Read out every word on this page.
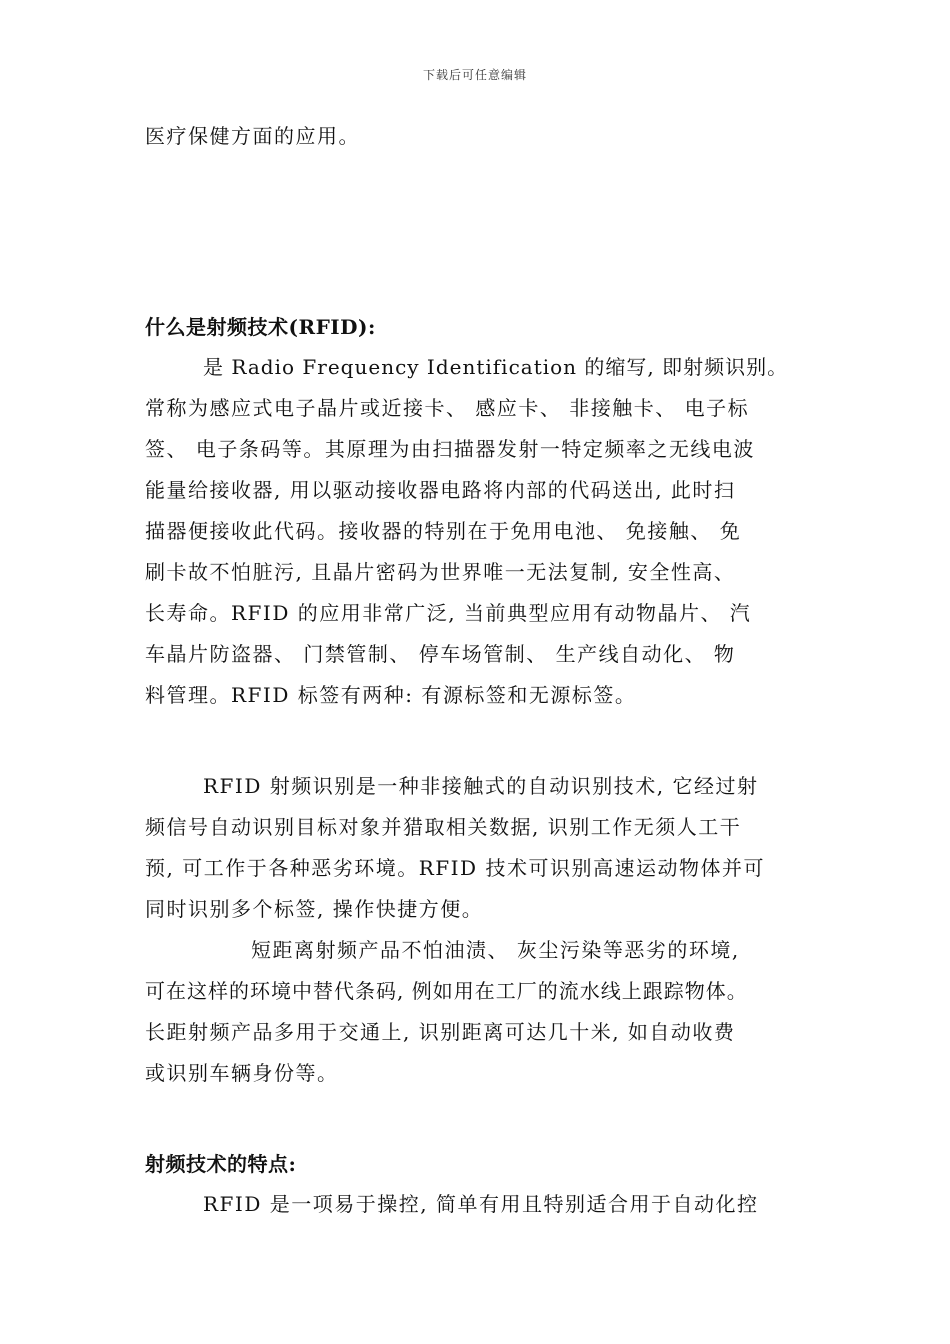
下载后可任意编辑

医疗保健方面的应用。

什么是射频技术(RFID):

是 Radio Frequency Identification 的缩写, 即射频识别。

常称为感应式电子晶片或近接卡、 感应卡、 非接触卡、 电子标

签、 电子条码等。其原理为由扫描器发射一特定频率之无线电波

能量给接收器, 用以驱动接收器电路将内部的代码送出, 此时扫

描器便接收此代码。接收器的特别在于免用电池、 免接触、 免

刷卡故不怕脏污, 且晶片密码为世界唯一无法复制, 安全性高、

长寿命。RFID 的应用非常广泛, 当前典型应用有动物晶片、 汽

车晶片防盗器、 门禁管制、 停车场管制、 生产线自动化、 物

料管理。RFID 标签有两种: 有源标签和无源标签。

RFID 射频识别是一种非接触式的自动识别技术, 它经过射

频信号自动识别目标对象并猎取相关数据, 识别工作无须人工干

预, 可工作于各种恶劣环境。RFID 技术可识别高速运动物体并可

同时识别多个标签, 操作快捷方便。

短距离射频产品不怕油渍、 灰尘污染等恶劣的环境,

可在这样的环境中替代条码, 例如用在工厂的流水线上跟踪物体。

长距射频产品多用于交通上, 识别距离可达几十米, 如自动收费

或识别车辆身份等。

射频技术的特点:

RFID 是一项易于操控, 简单有用且特别适合用于自动化控
